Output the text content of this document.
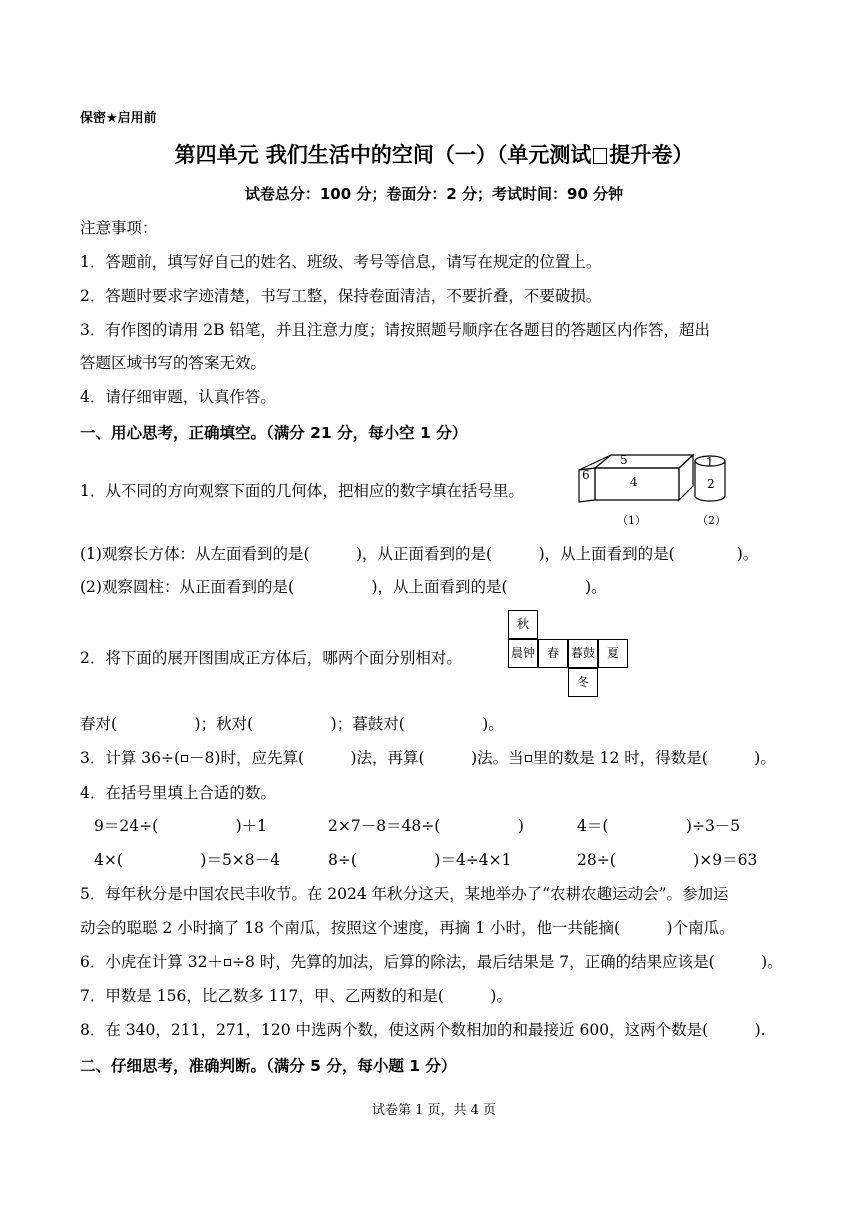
保密★启用前
第四单元 我们生活中的空间（一）（单元测试 提升卷）
试卷总分：100 分；卷面分：2 分；考试时间：90 分钟
注意事项：
1．答题前，填写好自己的姓名、班级、考号等信息，请写在规定的位置上。
2．答题时要求字迹清楚，书写工整，保持卷面清洁，不要折叠，不要破损。
3．有作图的请用 2B 铅笔，并且注意力度；请按照题号顺序在各题目的答题区内作答，超出
答题区域书写的答案无效。
4．请仔细审题，认真作答。
一、用心思考，正确填空。（满分 21 分，每小空 1 分）
1．从不同的方向观察下面的几何体，把相应的数字填在括号里。
5
4
6
1
2
（1）	（2）
(1)观察长方体：从左面看到的是(　　　)，从正面看到的是(　　　)，从上面看到的是(　　　　)。
(2)观察圆柱：从正面看到的是(　　　　　)，从上面看到的是(　　　　　)。
2．将下面的展开图围成正方体后，哪两个面分别相对。
秋
晨钟 春 暮鼓 夏
冬
春对(　　　　　)；秋对(　　　　　)；暮鼓对(　　　　　)。
3．计算 36÷( －8)时，应先算(　　　)法，再算(　　　)法。当 里的数是 12 时，得数是(　　　)。
4．在括号里填上合适的数。
9＝24÷(　　　　　)＋1	2×7－8＝48÷(　　　　　)	4＝(　　　　　)÷3－5
4×(　　　　　)＝5×8－4	8÷(　　　　　)＝4÷4×1	28÷(　　　　　)×9＝63
5．每年秋分是中国农民丰收节。在 2024 年秋分这天，某地举办了“农耕农趣运动会”。参加运
动会的聪聪 2 小时摘了 18 个南瓜，按照这个速度，再摘 1 小时，他一共能摘(　　　)个南瓜。
6．小虎在计算 32＋ ÷8 时，先算的加法，后算的除法，最后结果是 7，正确的结果应该是(　　　)。
7．甲数是 156，比乙数多 117，甲、乙两数的和是(　　　)。
8．在 340，211，271，120 中选两个数，使这两个数相加的和最接近 600，这两个数是(　　　).
二、仔细思考，准确判断。（满分 5 分，每小题 1 分）
试卷第 1 页，共 4 页
